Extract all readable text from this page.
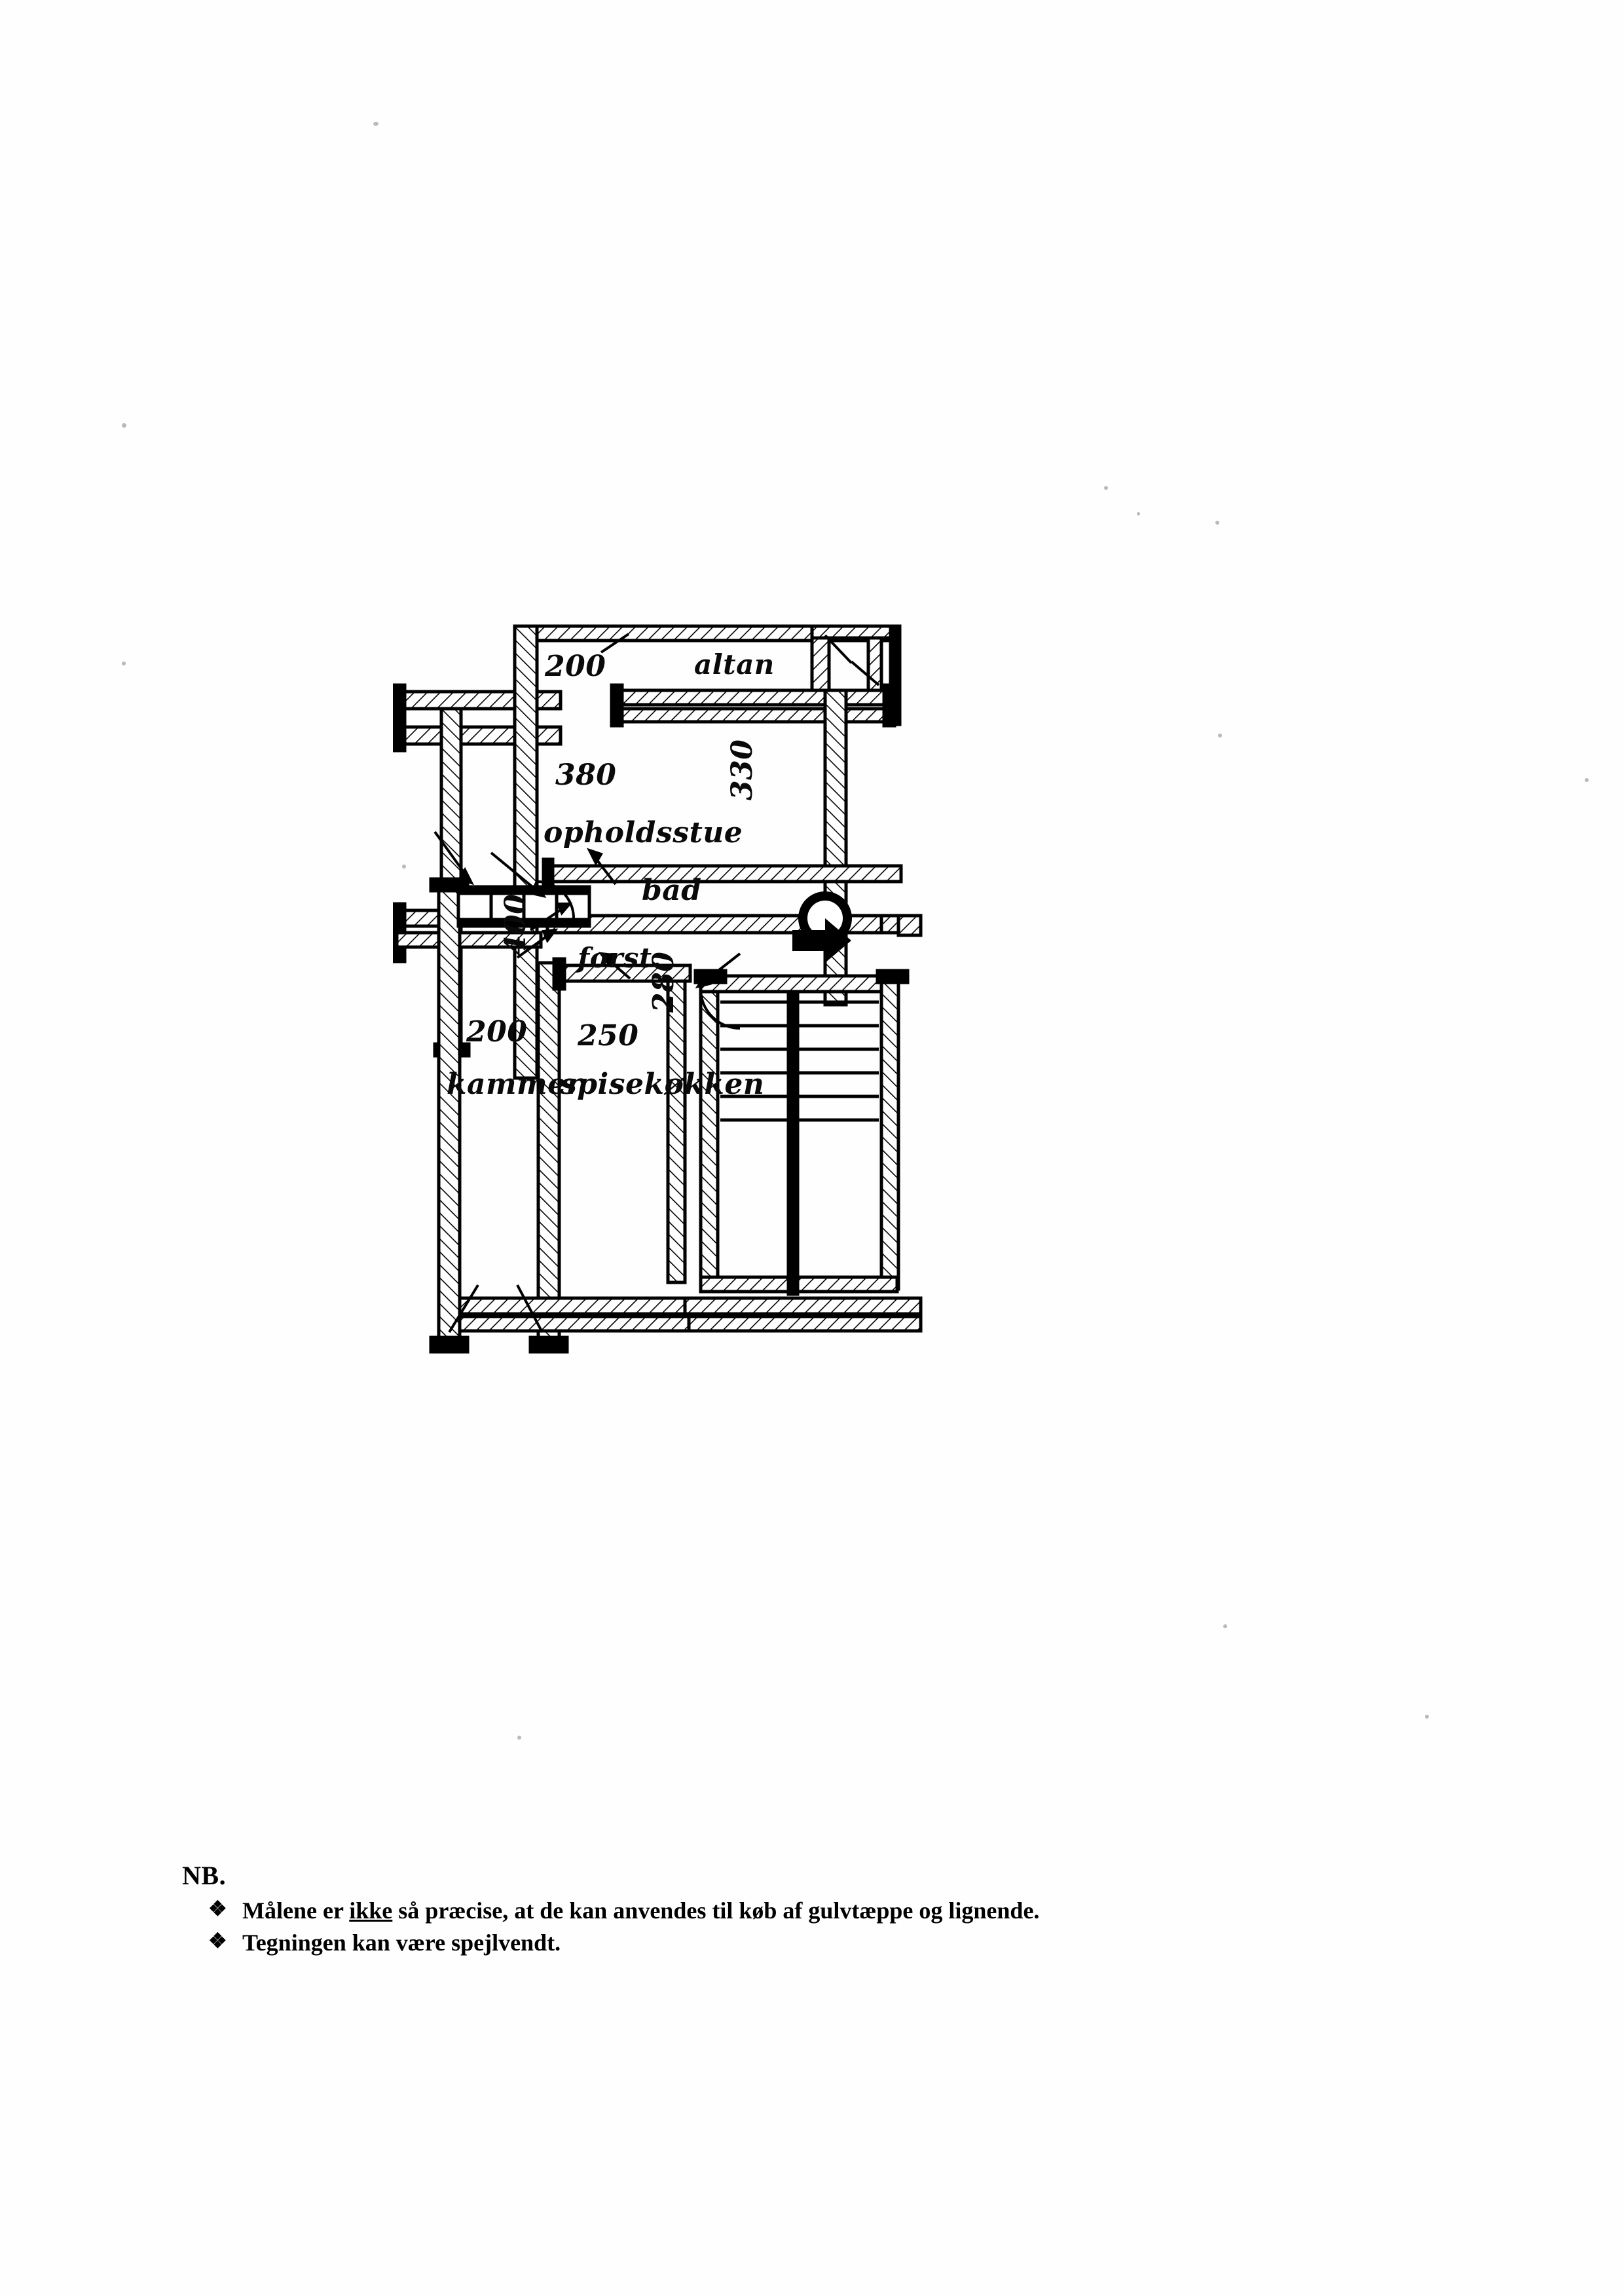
200	altan
380	330
opholdsstue
bad
forst.
400
200 250
280
kammer
spisekøkken
NB.
❖ Målene er ikke så præcise, at de kan anvendes til køb af gulvtæppe og lignende.
❖ Tegningen kan være spejlvendt.
